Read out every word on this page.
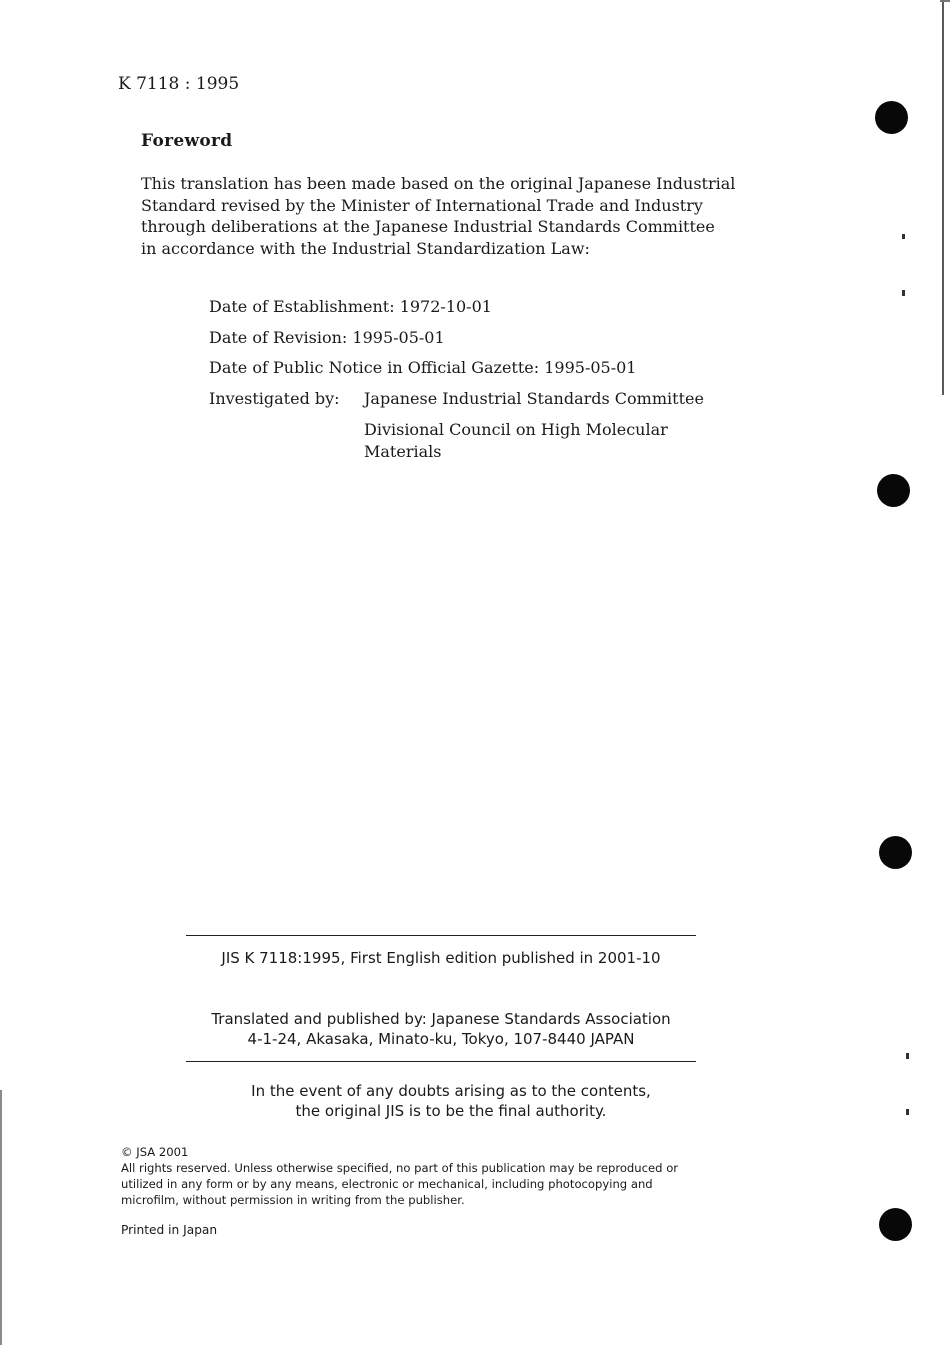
K 7118 : 1995
Foreword
This translation has been made based on the original Japanese Industrial
Standard revised by the Minister of International Trade and Industry
through deliberations at the Japanese Industrial Standards Committee
in accordance with the Industrial Standardization Law:
Date of Establishment: 1972-10-01
Date of Revision: 1995-05-01
Date of Public Notice in Official Gazette: 1995-05-01
Investigated by: Japanese Industrial Standards Committee
Divisional Council on High Molecular
Materials
JIS K 7118:1995, First English edition published in 2001-10
Translated and published by: Japanese Standards Association
4-1-24, Akasaka, Minato-ku, Tokyo, 107-8440 JAPAN
In the event of any doubts arising as to the contents,
the original JIS is to be the final authority.
© JSA 2001
All rights reserved. Unless otherwise specified, no part of this publication may be reproduced or
utilized in any form or by any means, electronic or mechanical, including photocopying and
microfilm, without permission in writing from the publisher.
Printed in Japan
